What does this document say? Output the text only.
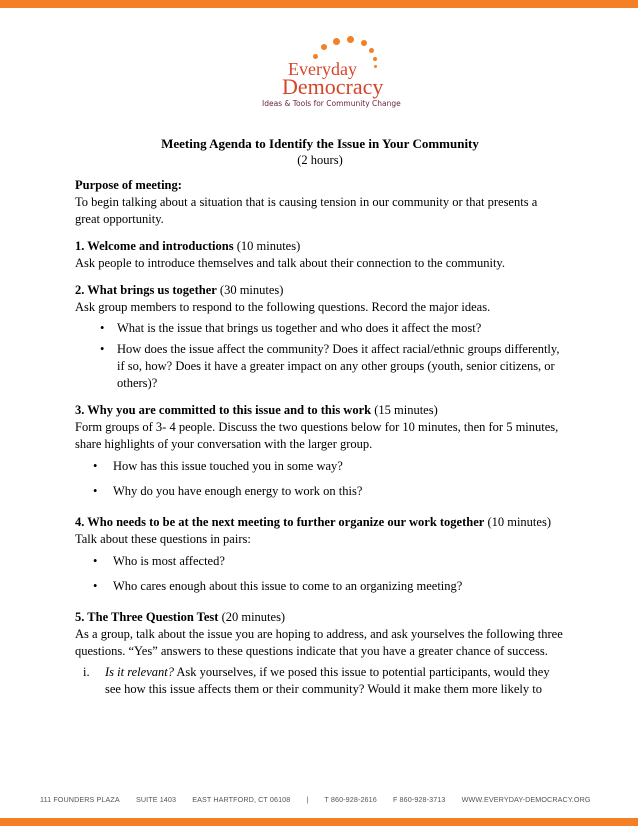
Everyday
Democracy
Ideas & Tools for Community Change
Meeting Agenda to Identify the Issue in Your Community
(2 hours)

Purpose of meeting:

To begin talking about a situation that is causing tension in our community or that presents a great opportunity.

1. Welcome and introductions (10 minutes)

Ask people to introduce themselves and talk about their connection to the community.

2. What brings us together (30 minutes)

Ask group members to respond to the following questions. Record the major ideas.

• What is the issue that brings us together and who does it affect the most?
• How does the issue affect the community? Does it affect racial/ethnic groups differently, if so, how? Does it have a greater impact on any other groups (youth, senior citizens, or others)?

3. Why you are committed to this issue and to this work (15 minutes)

Form groups of 3- 4 people. Discuss the two questions below for 10 minutes, then for 5 minutes, share highlights of your conversation with the larger group.

• How has this issue touched you in some way?
• Why do you have enough energy to work on this?

4. Who needs to be at the next meeting to further organize our work together (10 minutes)

Talk about these questions in pairs:

• Who is most affected?
• Who cares enough about this issue to come to an organizing meeting?

5. The Three Question Test (20 minutes)

As a group, talk about the issue you are hoping to address, and ask yourselves the following three questions. “Yes” answers to these questions indicate that you have a greater chance of success.

i. Is it relevant? Ask yourselves, if we posed this issue to potential participants, would they see how this issue affects them or their community? Would it make them more likely to
111 FOUNDERS PLAZA SUITE 1403 EAST HARTFORD, CT 06108 | T 860-928-2616 F 860-928-3713 WWW.EVERYDAY-DEMOCRACY.ORG
